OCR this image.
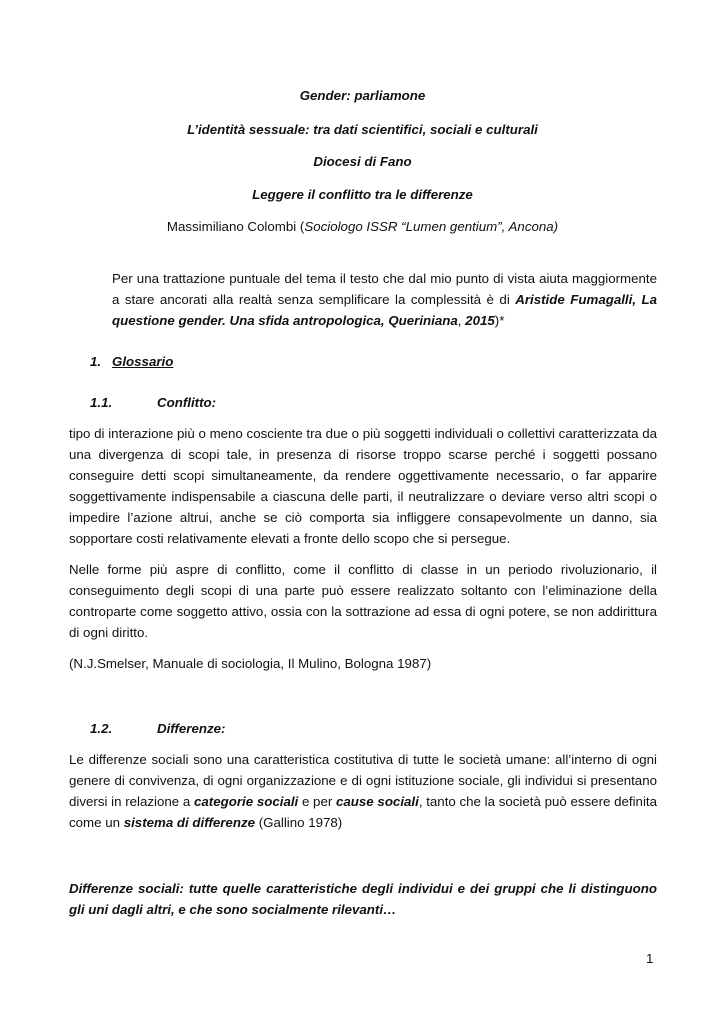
Gender: parliamone
L’identità sessuale: tra dati scientifici, sociali e culturali
Diocesi di Fano
Leggere il conflitto tra le differenze
Massimiliano Colombi (Sociologo ISSR “Lumen gentium”, Ancona)
Per una trattazione puntuale del tema il testo che dal mio punto di vista aiuta maggiormente a stare ancorati alla realtà senza semplificare la complessità è di Aristide Fumagalli, La questione gender. Una sfida antropologica, Queriniana, 2015)*
1. Glossario
1.1.	Conflitto:
tipo di interazione più o meno cosciente tra due o più soggetti individuali o collettivi caratterizzata da una divergenza di scopi tale, in presenza di risorse troppo scarse perché i soggetti possano conseguire detti scopi simultaneamente, da rendere oggettivamente necessario, o far apparire soggettivamente indispensabile a ciascuna delle parti, il neutralizzare o deviare verso altri scopi o impedire l’azione altrui, anche se ciò comporta sia infliggere consapevolmente un danno, sia sopportare costi relativamente elevati a fronte dello scopo che si persegue.
Nelle forme più aspre di conflitto, come il conflitto di classe in un periodo rivoluzionario, il conseguimento degli scopi di una parte può essere realizzato soltanto con l’eliminazione della controparte come soggetto attivo, ossia con la sottrazione ad essa di ogni potere, se non addirittura di ogni diritto.
(N.J.Smelser, Manuale di sociologia, Il Mulino, Bologna 1987)
1.2.	Differenze:
Le differenze sociali sono una caratteristica costitutiva di tutte le società umane: all’interno di ogni genere di convivenza, di ogni organizzazione e di ogni istituzione sociale, gli individui si presentano diversi in relazione a categorie sociali e per cause sociali, tanto che la società può essere definita come un sistema di differenze (Gallino 1978)
Differenze sociali: tutte quelle caratteristiche degli individui e dei gruppi che li distinguono gli uni dagli altri, e che sono socialmente rilevanti…
1
